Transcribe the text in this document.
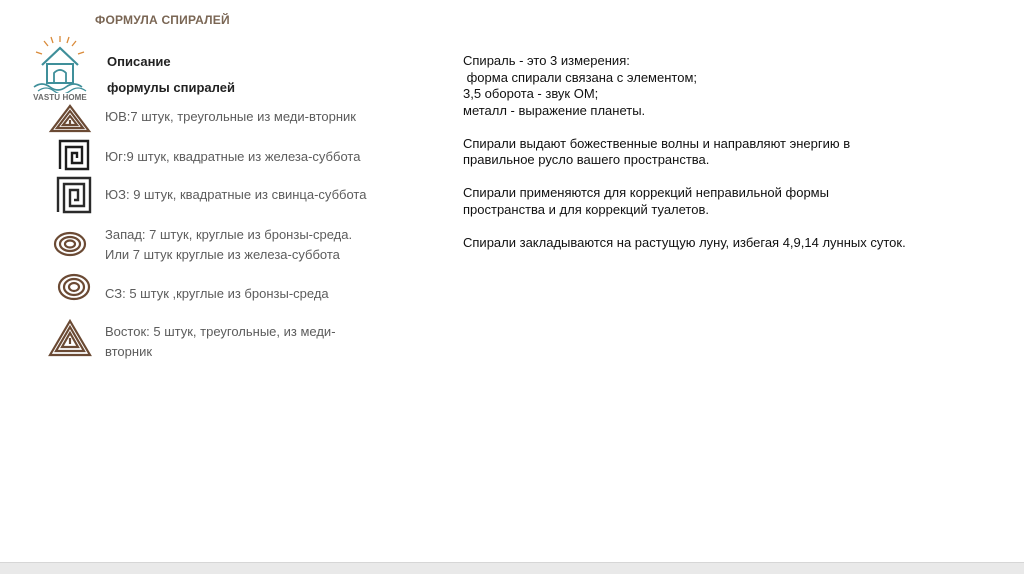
ФОРМУЛА СПИРАЛЕЙ
VASTU HOME
Описание
формулы спиралей
ЮВ:7 штук, треугольные из меди-вторник
Юг:9 штук, квадратные из железа-суббота
ЮЗ: 9 штук, квадратные из свинца-суббота
Запад: 7 штук, круглые из бронзы-среда.
Или 7 штук круглые из железа-суббота
СЗ: 5 штук ,круглые из бронзы-среда
Восток: 5 штук, треугольные, из меди-
вторник

Спираль - это 3 измерения:
форма спирали связана с элементом;
3,5 оборота - звук ОМ;
металл - выражение планеты.

Спирали выдают божественные волны и направляют энергию в
правильное русло вашего пространства.

Спирали применяются для коррекций неправильной формы
пространства и для коррекций туалетов.

Спирали закладываются на растущую луну, избегая 4,9,14 лунных суток.
